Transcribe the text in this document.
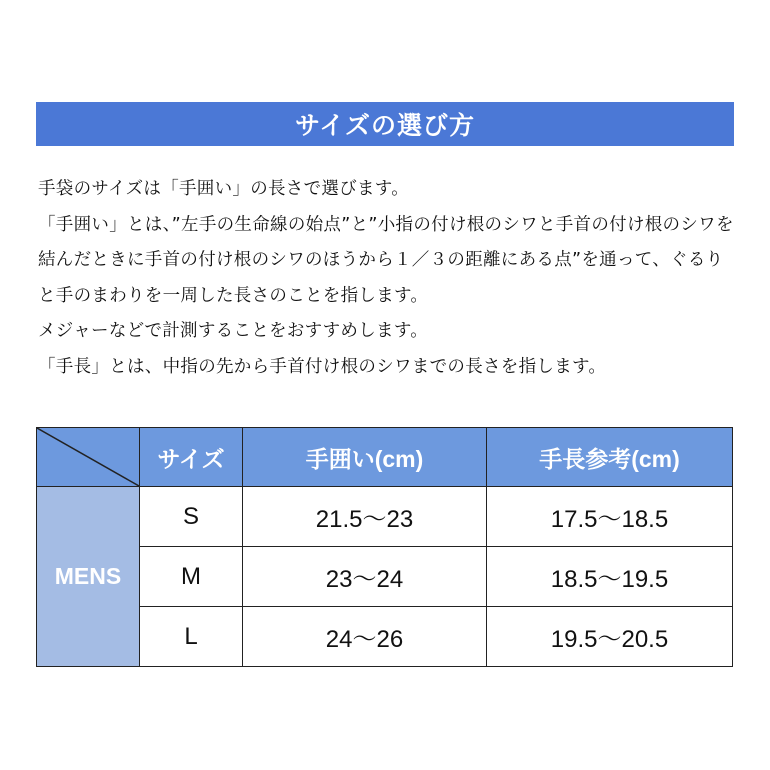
サイズの選び方

手袋のサイズは「手囲い」の長さで選びます。

「手囲い」とは、”左手の生命線の始点”と”小指の付け根のシワと手首の付け根のシワを結んだときに手首の付け根のシワのほうから１／３の距離にある点”を通って、ぐるりと手のまわりを一周した長さのことを指します。

メジャーなどで計測することをおすすめします。

「手長」とは、中指の先から手首付け根のシワまでの長さを指します。

	サイズ	手囲い(cm)	手長参考(cm)
MENS	S	21.5～23	17.5～18.5
	M	23～24	18.5～19.5
	L	24～26	19.5～20.5
